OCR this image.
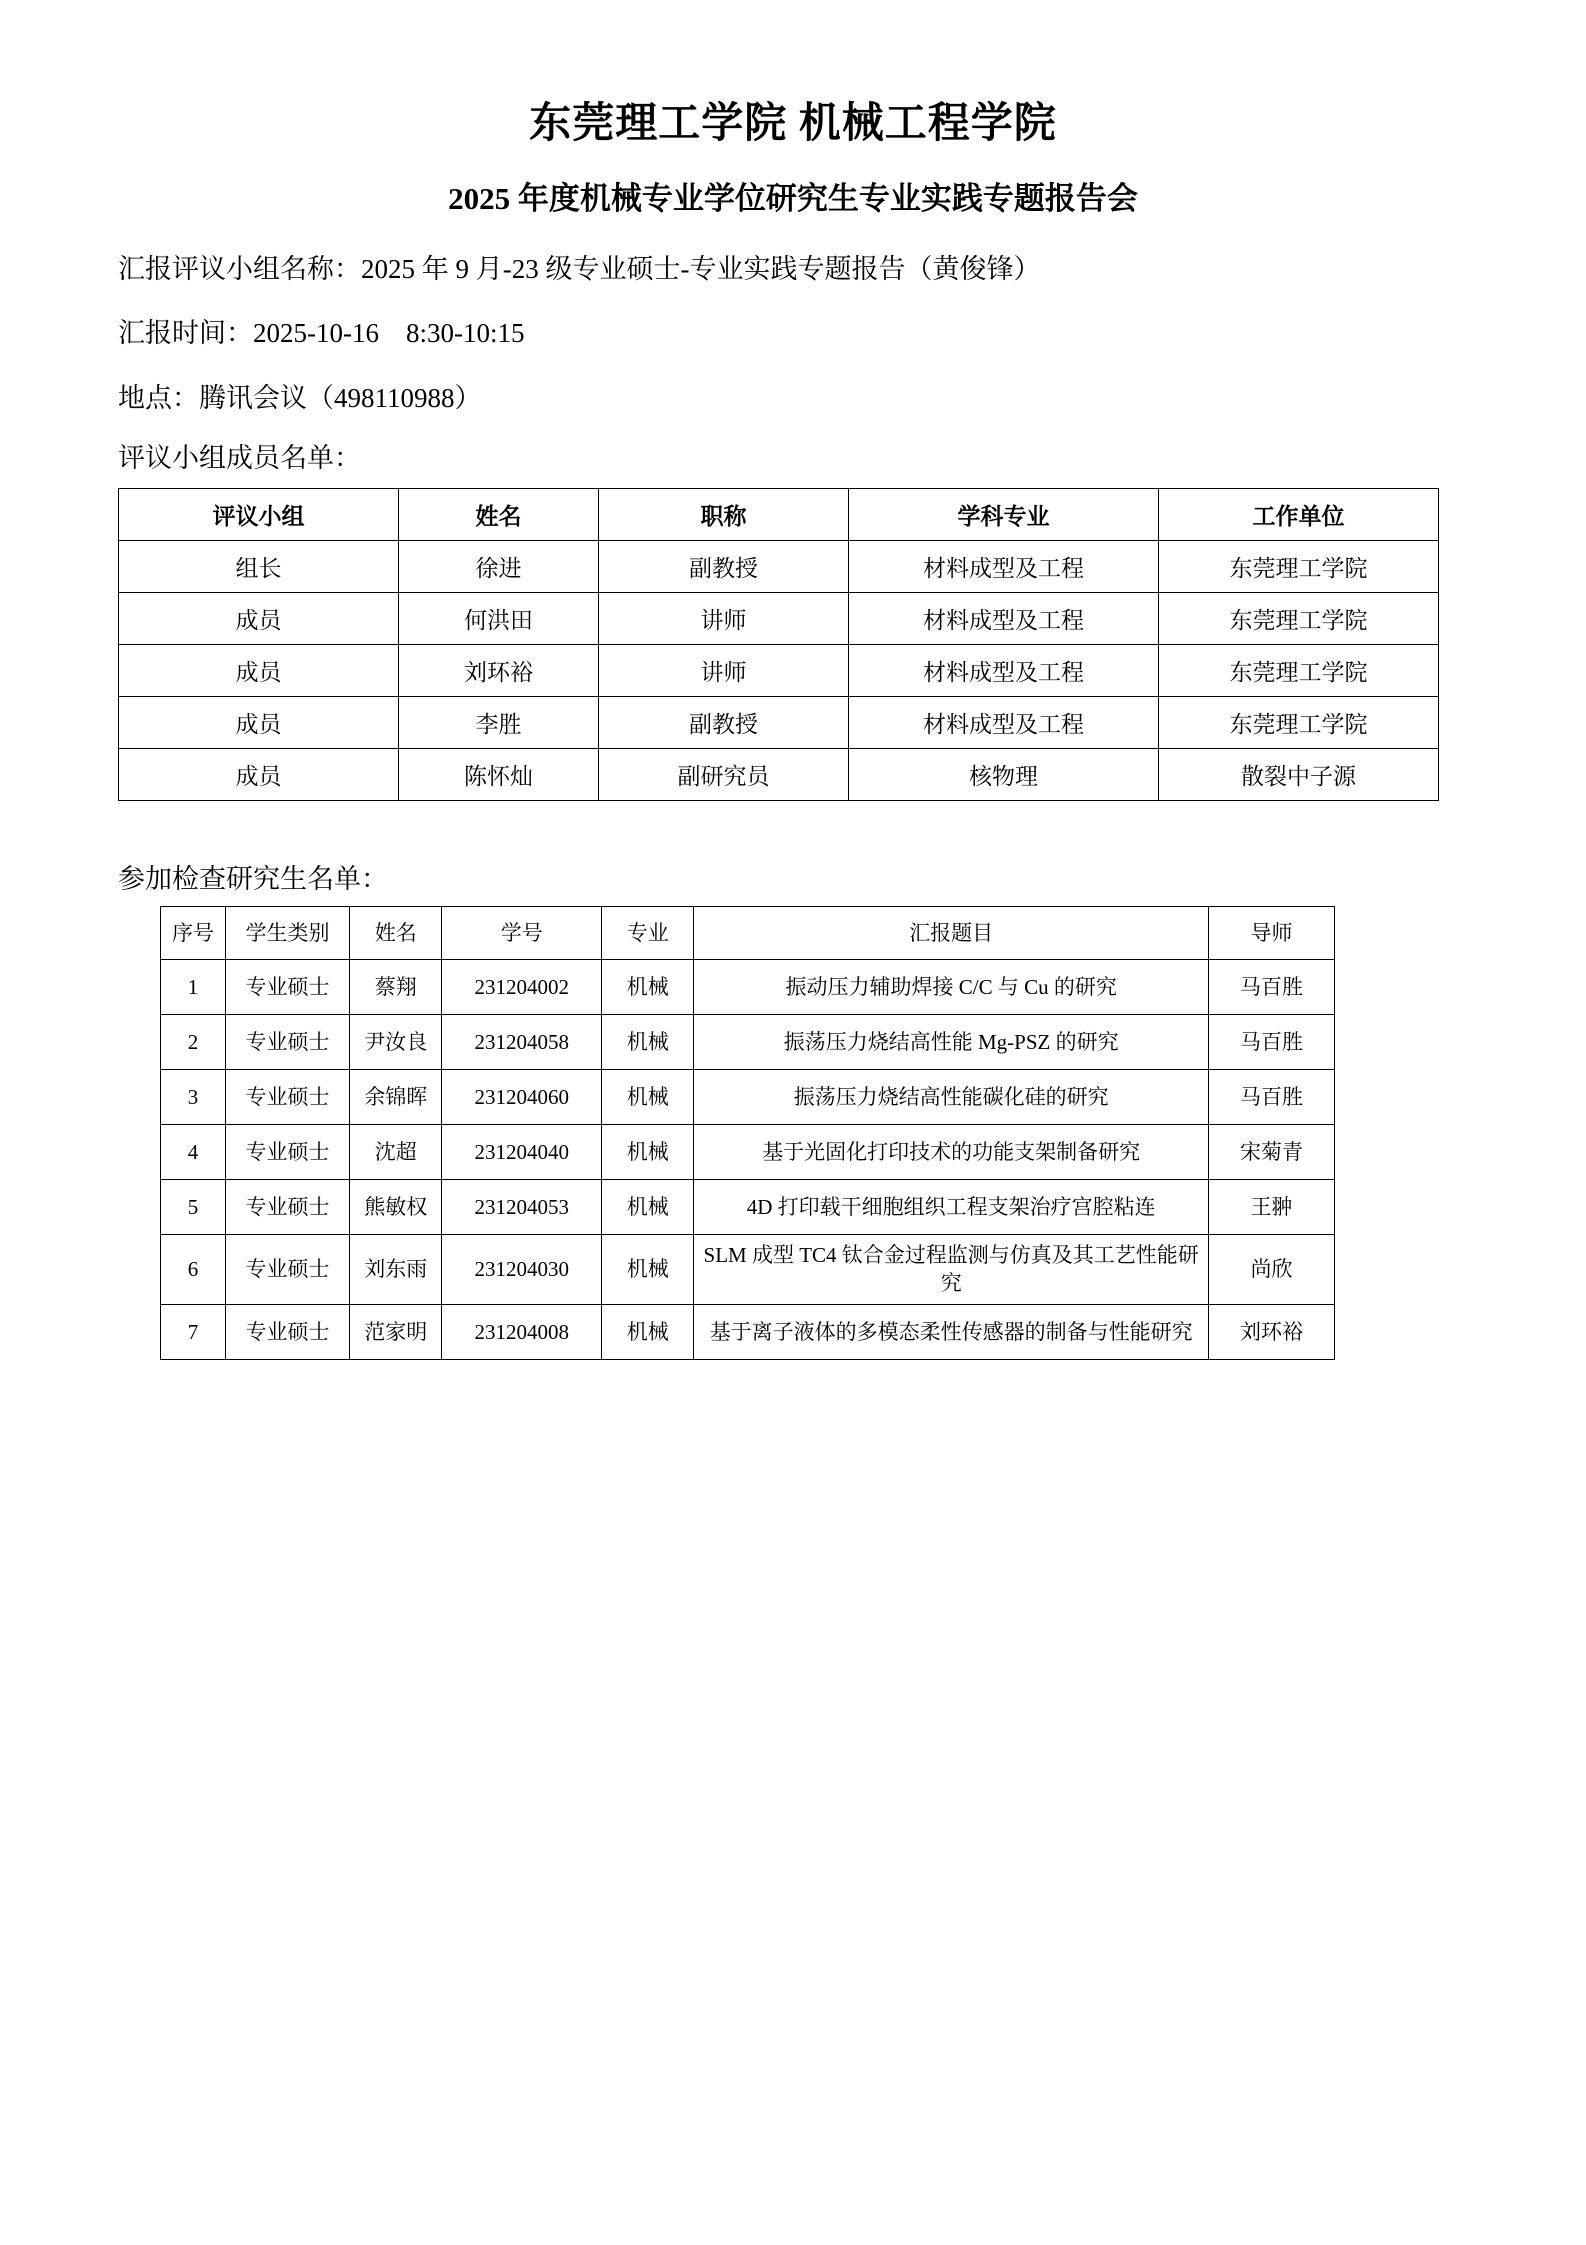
东莞理工学院 机械工程学院
2025 年度机械专业学位研究生专业实践专题报告会
汇报评议小组名称：2025 年 9 月-23 级专业硕士-专业实践专题报告（黄俊锋）
汇报时间：2025-10-16    8:30-10:15
地点：腾讯会议（498110988）
评议小组成员名单：
评议小组	姓名	职称	学科专业	工作单位
组长	徐进	副教授	材料成型及工程	东莞理工学院
成员	何洪田	讲师	材料成型及工程	东莞理工学院
成员	刘环裕	讲师	材料成型及工程	东莞理工学院
成员	李胜	副教授	材料成型及工程	东莞理工学院
成员	陈怀灿	副研究员	核物理	散裂中子源
参加检查研究生名单：
序号	学生类别	姓名	学号	专业	汇报题目	导师
1	专业硕士	蔡翔	231204002	机械	振动压力辅助焊接 C/C 与 Cu 的研究	马百胜
2	专业硕士	尹汝良	231204058	机械	振荡压力烧结高性能 Mg-PSZ 的研究	马百胜
3	专业硕士	余锦晖	231204060	机械	振荡压力烧结高性能碳化硅的研究	马百胜
4	专业硕士	沈超	231204040	机械	基于光固化打印技术的功能支架制备研究	宋菊青
5	专业硕士	熊敏权	231204053	机械	4D 打印载干细胞组织工程支架治疗宫腔粘连	王翀
6	专业硕士	刘东雨	231204030	机械	SLM 成型 TC4 钛合金过程监测与仿真及其工艺性能研究	尚欣
7	专业硕士	范家明	231204008	机械	基于离子液体的多模态柔性传感器的制备与性能研究	刘环裕
